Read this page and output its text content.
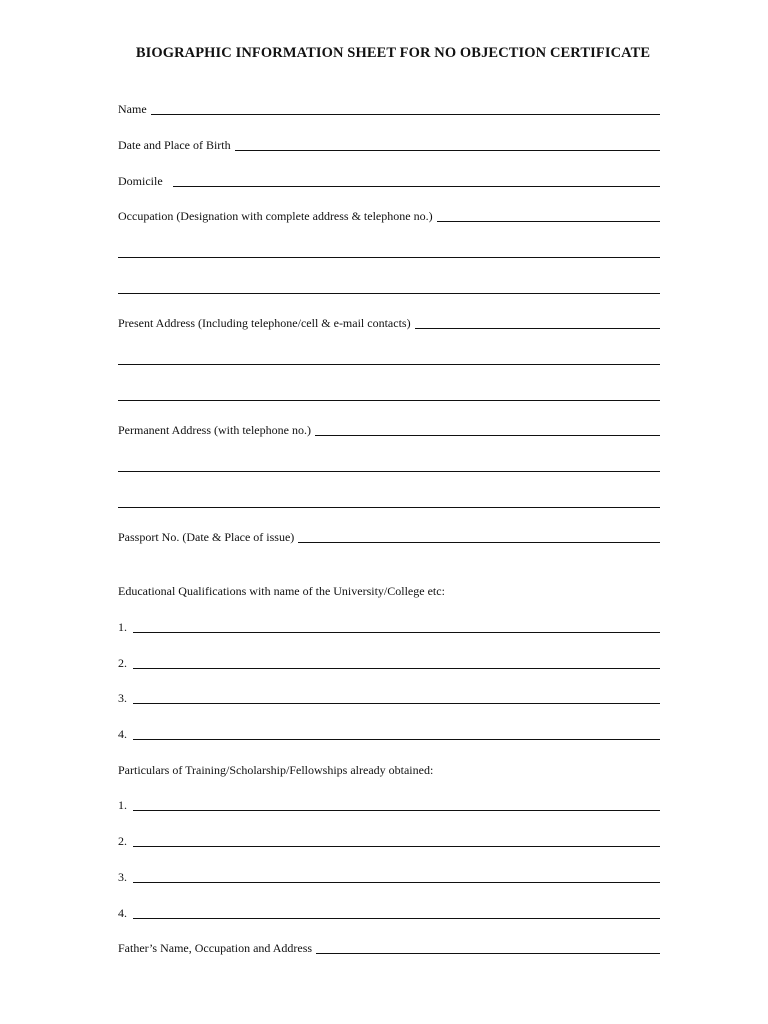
BIOGRAPHIC INFORMATION SHEET FOR NO OBJECTION CERTIFICATE
Name
Date and Place of Birth
Domicile
Occupation (Designation with complete address & telephone no.)
Present Address (Including telephone/cell & e-mail contacts)
Permanent Address (with telephone no.)
Passport No. (Date & Place of issue)
Educational Qualifications with name of the University/College etc:
1.
2.
3.
4.
Particulars of Training/Scholarship/Fellowships already obtained:
1.
2.
3.
4.
Father’s Name, Occupation and Address
